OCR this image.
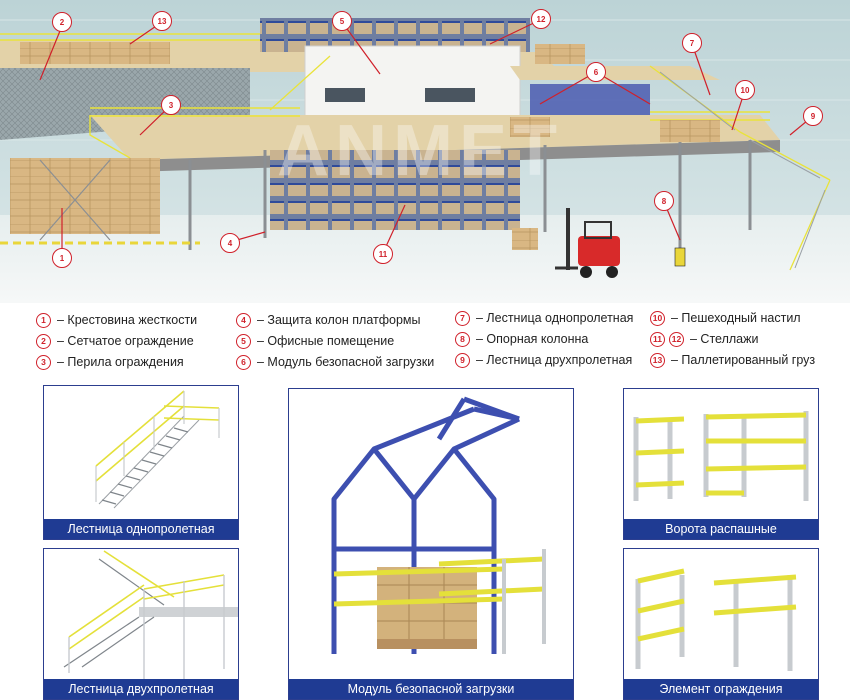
ANMET
1
2
3
4
5
6
7
8
9
10
11
12
13
1 – Крестовина жесткости
2 – Сетчатое ограждение
3 – Перила ограждения
4 – Защита колон платформы
5 – Офисные помещение
6 – Модуль безопасной загрузки
7 – Лестница однопролетная
8 – Опорная колонна
9 – Лестница друхпролетная
10 – Пешеходный настил
11	12 – Стеллажи
13 – Паллетированный груз
Лестница однопролетная
Лестница двухпролетная	Модуль безопасной загрузки
Ворота распашные
Элемент ограждения
